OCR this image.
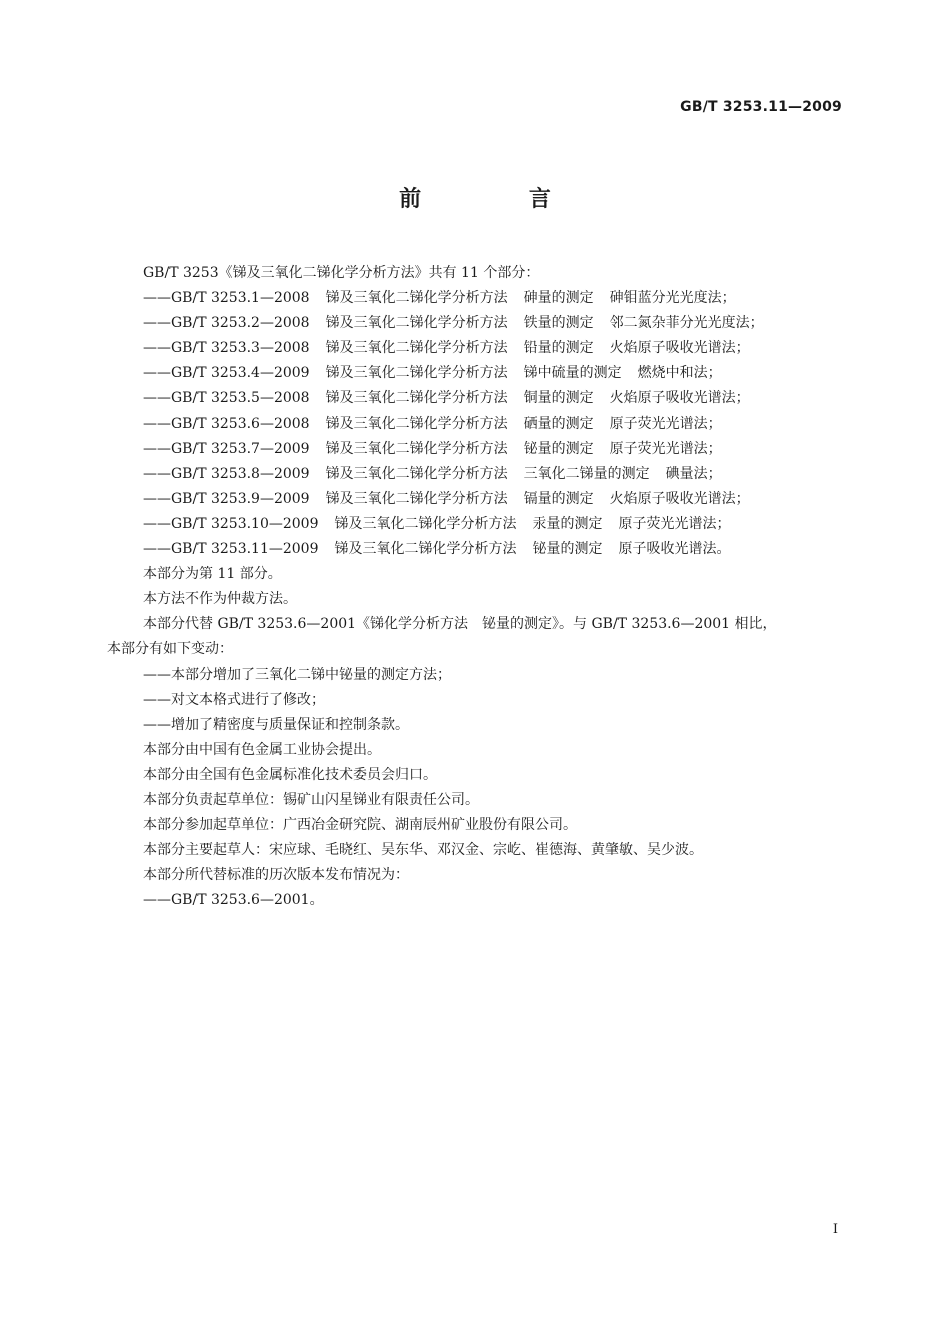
GB/T 3253.11—2009
前 言
GB/T 3253《锑及三氧化二锑化学分析方法》共有 11 个部分：
——GB/T 3253.1—2008 锑及三氧化二锑化学分析方法 砷量的测定 砷钼蓝分光光度法；
——GB/T 3253.2—2008 锑及三氧化二锑化学分析方法 铁量的测定 邻二氮杂菲分光光度法；
——GB/T 3253.3—2008 锑及三氧化二锑化学分析方法 铅量的测定 火焰原子吸收光谱法；
——GB/T 3253.4—2009 锑及三氧化二锑化学分析方法 锑中硫量的测定 燃烧中和法；
——GB/T 3253.5—2008 锑及三氧化二锑化学分析方法 铜量的测定 火焰原子吸收光谱法；
——GB/T 3253.6—2008 锑及三氧化二锑化学分析方法 硒量的测定 原子荧光光谱法；
——GB/T 3253.7—2009 锑及三氧化二锑化学分析方法 铋量的测定 原子荧光光谱法；
——GB/T 3253.8—2009 锑及三氧化二锑化学分析方法 三氧化二锑量的测定 碘量法；
——GB/T 3253.9—2009 锑及三氧化二锑化学分析方法 镉量的测定 火焰原子吸收光谱法；
——GB/T 3253.10—2009 锑及三氧化二锑化学分析方法 汞量的测定 原子荧光光谱法；
——GB/T 3253.11—2009 锑及三氧化二锑化学分析方法 铋量的测定 原子吸收光谱法。
本部分为第 11 部分。
本方法不作为仲裁方法。
本部分代替 GB/T 3253.6—2001《锑化学分析方法　铋量的测定》。与 GB/T 3253.6—2001 相比，
本部分有如下变动：
——本部分增加了三氧化二锑中铋量的测定方法；
——对文本格式进行了修改；
——增加了精密度与质量保证和控制条款。
本部分由中国有色金属工业协会提出。
本部分由全国有色金属标准化技术委员会归口。
本部分负责起草单位：锡矿山闪星锑业有限责任公司。
本部分参加起草单位：广西冶金研究院、湖南辰州矿业股份有限公司。
本部分主要起草人：宋应球、毛晓红、吴东华、邓汉金、宗屹、崔德海、黄肇敏、吴少波。
本部分所代替标准的历次版本发布情况为：
——GB/T 3253.6—2001。
I
